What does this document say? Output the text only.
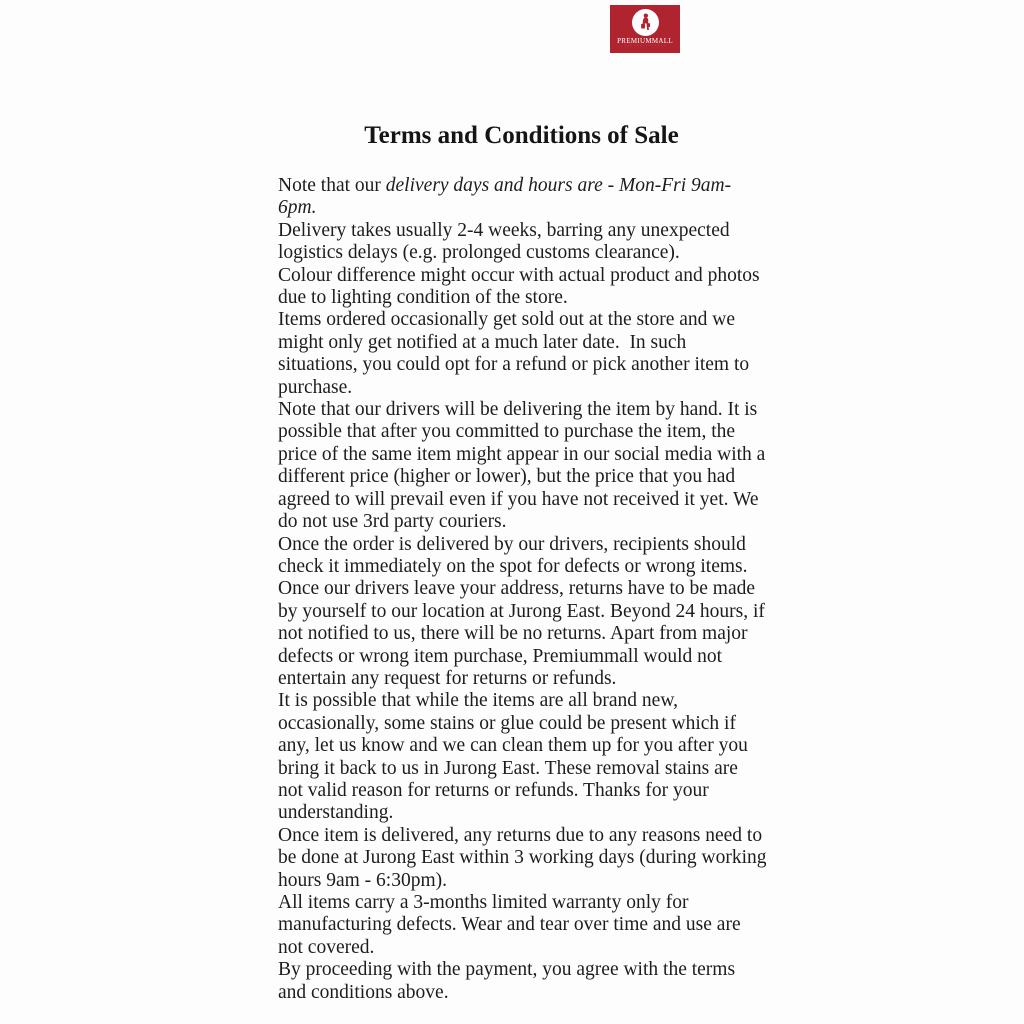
PREMIUMMALL
· · · · · · · · · · · · · ·
Terms and Conditions of Sale
Note that our delivery days and hours are - Mon-Fri 9am-
6pm.
Delivery takes usually 2-4 weeks, barring any unexpected
logistics delays (e.g. prolonged customs clearance).
Colour difference might occur with actual product and photos
due to lighting condition of the store.
Items ordered occasionally get sold out at the store and we
might only get notified at a much later date.  In such
situations, you could opt for a refund or pick another item to
purchase.
Note that our drivers will be delivering the item by hand. It is
possible that after you committed to purchase the item, the
price of the same item might appear in our social media with a
different price (higher or lower), but the price that you had
agreed to will prevail even if you have not received it yet. We
do not use 3rd party couriers.
Once the order is delivered by our drivers, recipients should
check it immediately on the spot for defects or wrong items.
Once our drivers leave your address, returns have to be made
by yourself to our location at Jurong East. Beyond 24 hours, if
not notified to us, there will be no returns. Apart from major
defects or wrong item purchase, Premiummall would not
entertain any request for returns or refunds.
It is possible that while the items are all brand new,
occasionally, some stains or glue could be present which if
any, let us know and we can clean them up for you after you
bring it back to us in Jurong East. These removal stains are
not valid reason for returns or refunds. Thanks for your
understanding.
Once item is delivered, any returns due to any reasons need to
be done at Jurong East within 3 working days (during working
hours 9am - 6:30pm).
All items carry a 3-months limited warranty only for
manufacturing defects. Wear and tear over time and use are
not covered.
By proceeding with the payment, you agree with the terms
and conditions above.
